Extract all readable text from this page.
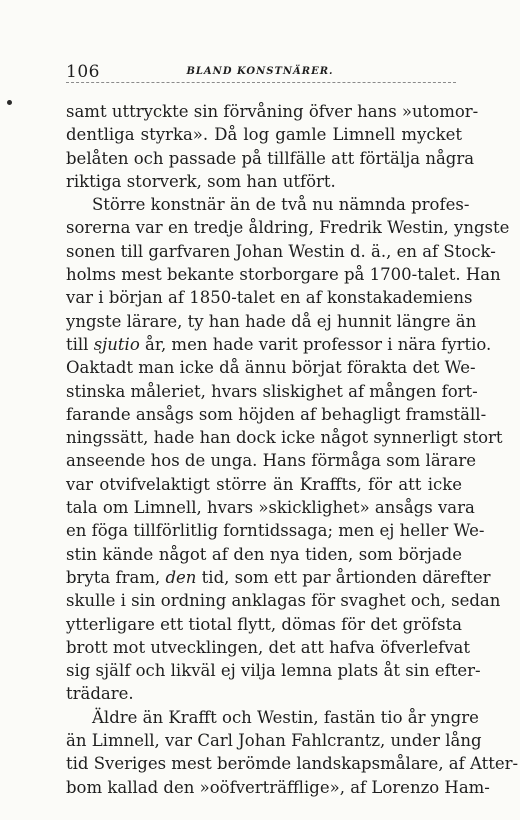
106	BLAND KONSTNÄRER.
samt uttryckte sin förvåning öfver hans »utomor-
dentliga styrka». Då log gamle Limnell mycket
belåten och passade på tillfälle att förtälja några
riktiga storverk, som han utfört.
Större konstnär än de två nu nämnda profes-
sorerna var en tredje åldring, Fredrik Westin, yngste
sonen till garfvaren Johan Westin d. ä., en af Stock-
holms mest bekante storborgare på 1700-talet. Han
var i början af 1850-talet en af konstakademiens
yngste lärare, ty han hade då ej hunnit längre än
till sjutio år, men hade varit professor i nära fyrtio.
Oaktadt man icke då ännu börjat förakta det We-
stinska måleriet, hvars sliskighet af mången fort-
farande ansågs som höjden af behagligt framställ-
ningssätt, hade han dock icke något synnerligt stort
anseende hos de unga. Hans förmåga som lärare
var otvifvelaktigt större än Kraffts, för att icke
tala om Limnell, hvars »skicklighet» ansågs vara
en föga tillförlitlig forntidssaga; men ej heller We-
stin kände något af den nya tiden, som började
bryta fram, den tid, som ett par årtionden därefter
skulle i sin ordning anklagas för svaghet och, sedan
ytterligare ett tiotal flytt, dömas för det gröfsta
brott mot utvecklingen, det att hafva öfverlefvat
sig själf och likväl ej vilja lemna plats åt sin efter-
trädare.
Äldre än Krafft och Westin, fastän tio år yngre
än Limnell, var Carl Johan Fahlcrantz, under lång
tid Sveriges mest berömde landskapsmålare, af Atter-
bom kallad den »oöfverträfflige», af Lorenzo Ham-
